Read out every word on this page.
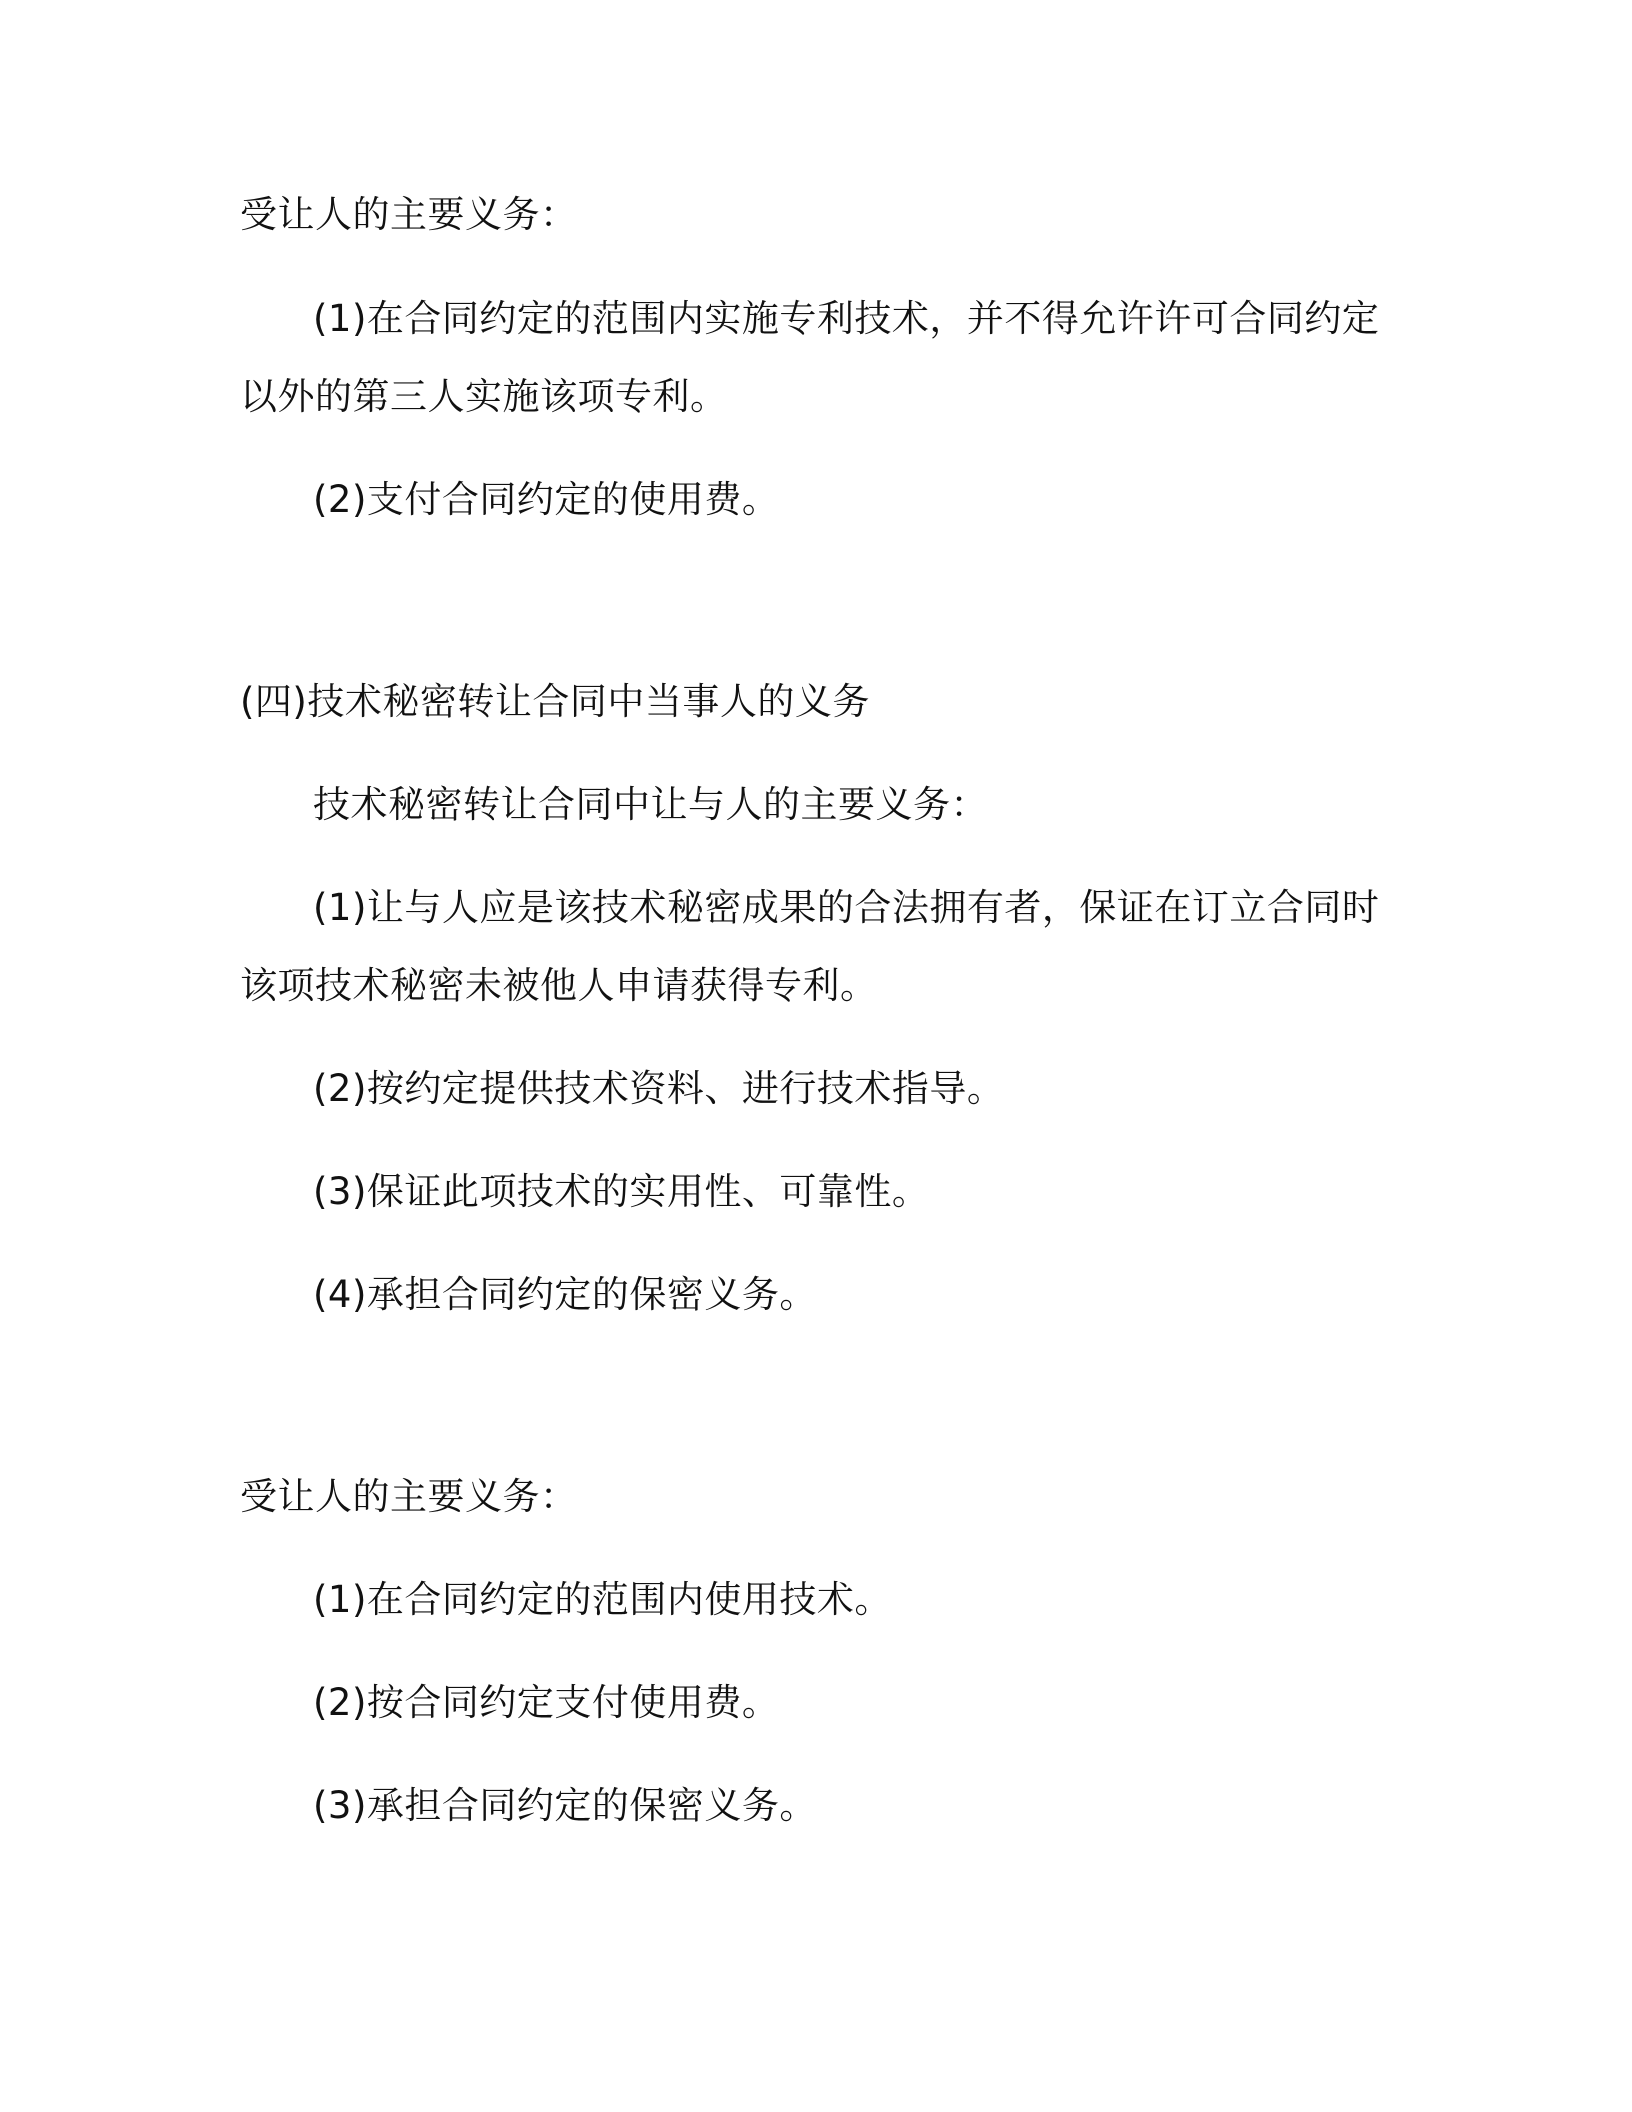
受让人的主要义务：

(1)在合同约定的范围内实施专利技术，并不得允许许可合同约定

以外的第三人实施该项专利。

(2)支付合同约定的使用费。

(四)技术秘密转让合同中当事人的义务

技术秘密转让合同中让与人的主要义务：

(1)让与人应是该技术秘密成果的合法拥有者，保证在订立合同时

该项技术秘密未被他人申请获得专利。

(2)按约定提供技术资料、进行技术指导。

(3)保证此项技术的实用性、可靠性。

(4)承担合同约定的保密义务。

受让人的主要义务：

(1)在合同约定的范围内使用技术。

(2)按合同约定支付使用费。

(3)承担合同约定的保密义务。
